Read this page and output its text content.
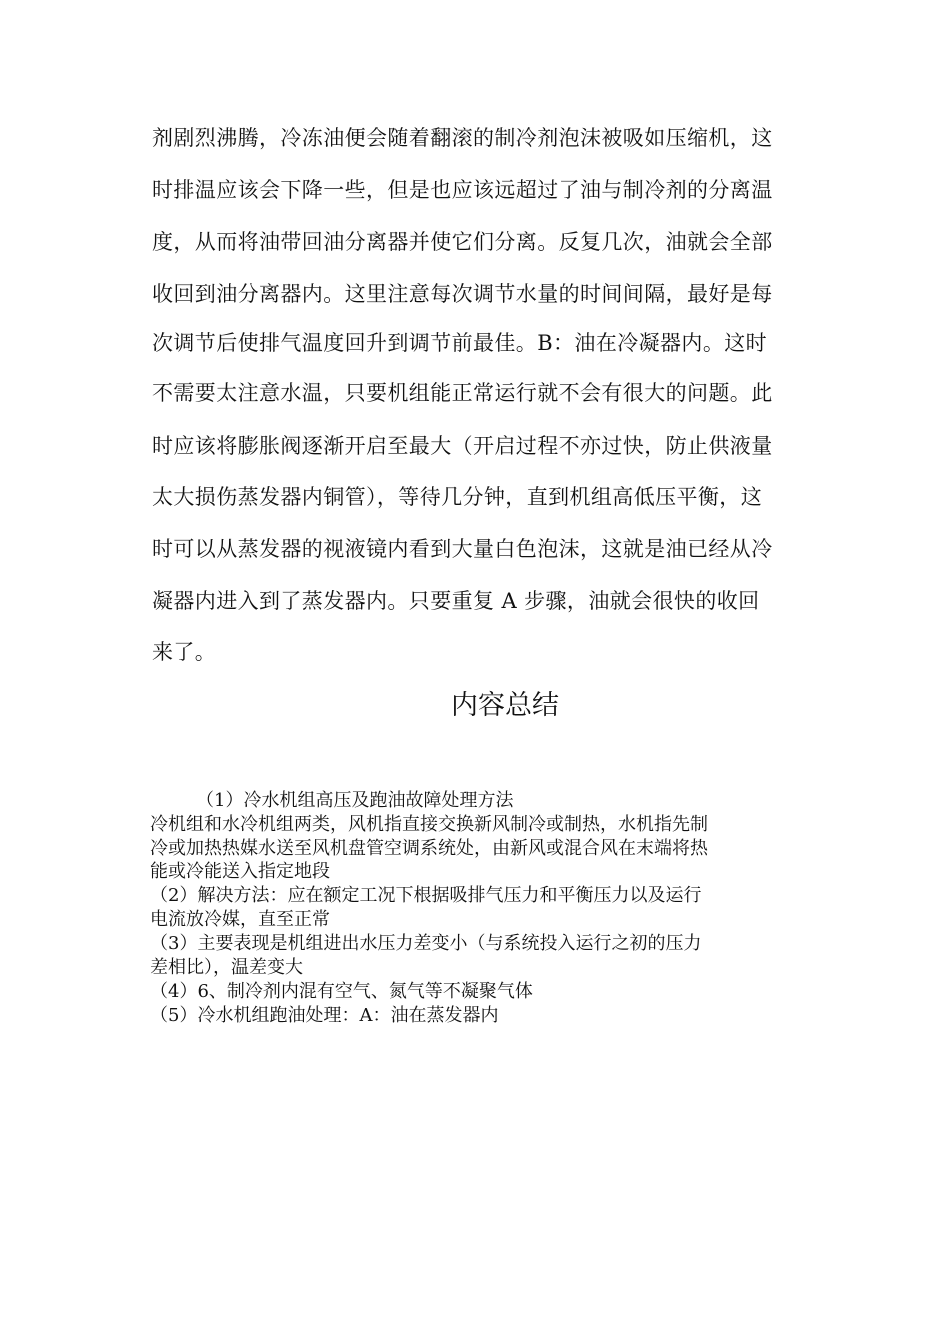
剂剧烈沸腾，冷冻油便会随着翻滚的制冷剂泡沫被吸如压缩机，这
时排温应该会下降一些，但是也应该远超过了油与制冷剂的分离温
度，从而将油带回油分离器并使它们分离。反复几次，油就会全部
收回到油分离器内。这里注意每次调节水量的时间间隔，最好是每
次调节后使排气温度回升到调节前最佳。B：油在冷凝器内。这时
不需要太注意水温，只要机组能正常运行就不会有很大的问题。此
时应该将膨胀阀逐渐开启至最大（开启过程不亦过快，防止供液量
太大损伤蒸发器内铜管），等待几分钟，直到机组高低压平衡，这
时可以从蒸发器的视液镜内看到大量白色泡沫，这就是油已经从冷
凝器内进入到了蒸发器内。只要重复 A 步骤，油就会很快的收回
来了。
内容总结
（1）冷水机组高压及跑油故障处理方法
冷机组和水冷机组两类，风机指直接交换新风制冷或制热，水机指先制
冷或加热热媒水送至风机盘管空调系统处，由新风或混合风在末端将热
能或冷能送入指定地段
（2）解决方法：应在额定工况下根据吸排气压力和平衡压力以及运行
电流放冷媒，直至正常
（3）主要表现是机组进出水压力差变小（与系统投入运行之初的压力
差相比），温差变大
（4）6、制冷剂内混有空气、氮气等不凝聚气体
（5）冷水机组跑油处理：A：油在蒸发器内
